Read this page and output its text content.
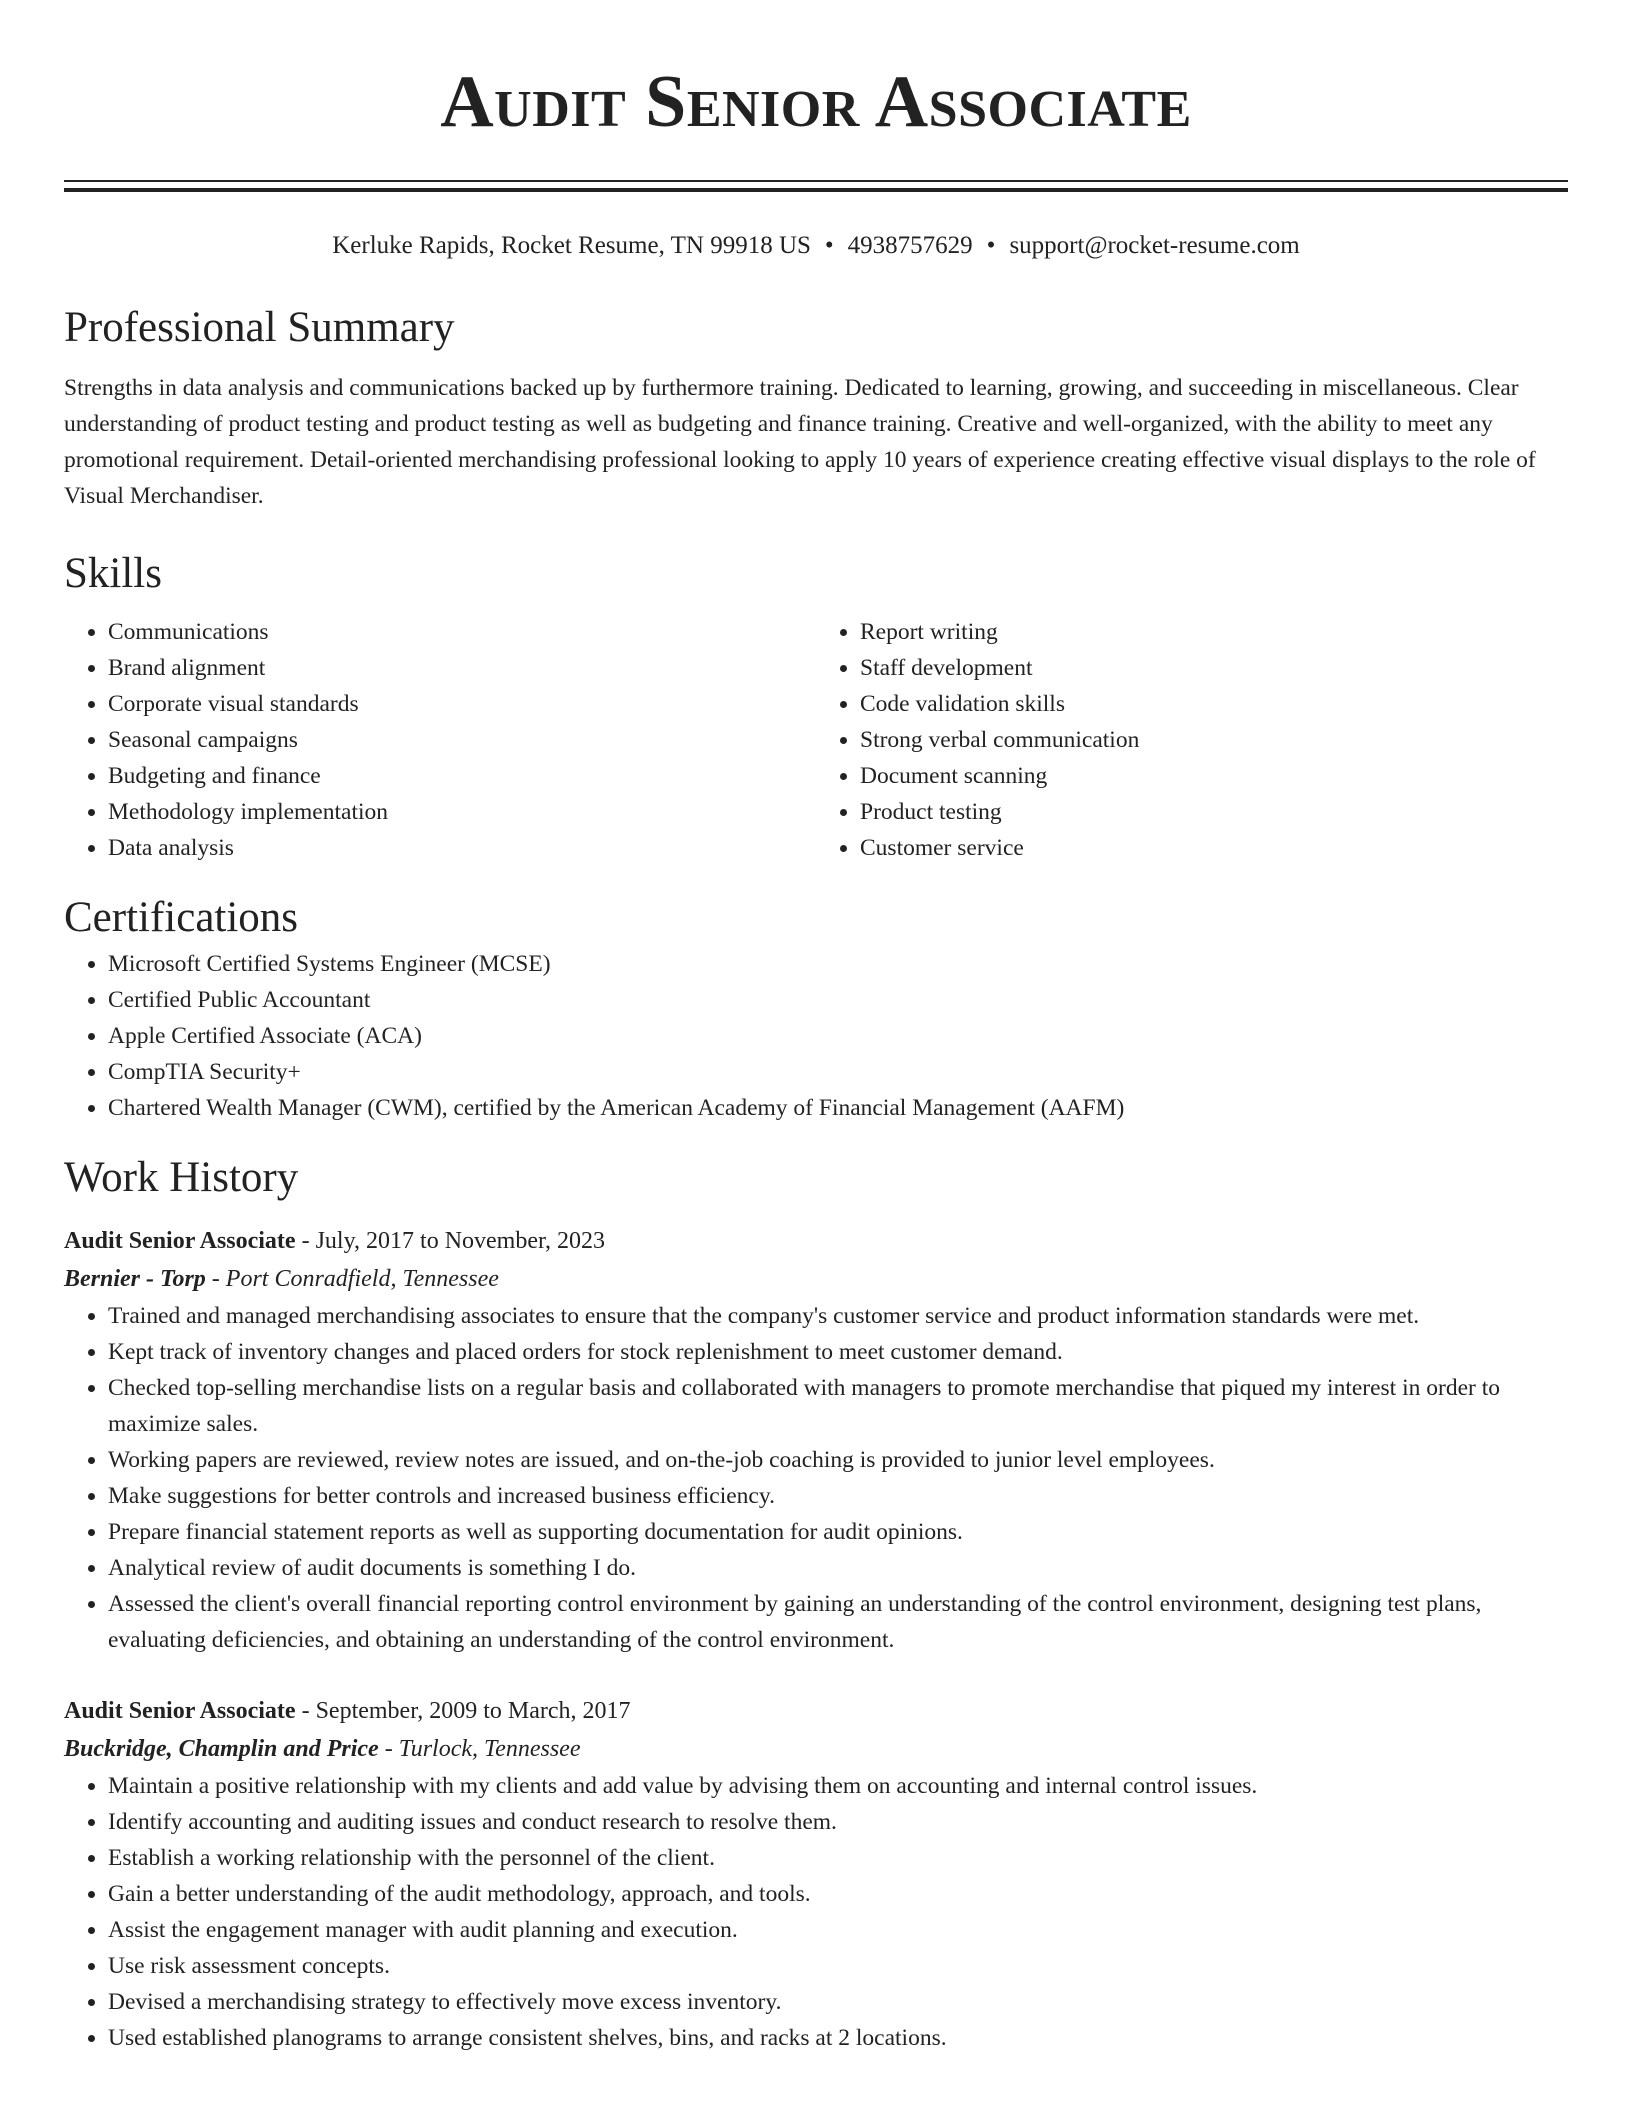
Audit Senior Associate
Kerluke Rapids, Rocket Resume, TN 99918 US • 4938757629 • support@rocket-resume.com
Professional Summary

Strengths in data analysis and communications backed up by furthermore training. Dedicated to learning, growing, and succeeding in miscellaneous. Clear understanding of product testing and product testing as well as budgeting and finance training. Creative and well-organized, with the ability to meet any promotional requirement. Detail-oriented merchandising professional looking to apply 10 years of experience creating effective visual displays to the role of Visual Merchandiser.

Skills
• Communications
• Brand alignment
• Corporate visual standards
• Seasonal campaigns
• Budgeting and finance
• Methodology implementation
• Data analysis
• Report writing
• Staff development
• Code validation skills
• Strong verbal communication
• Document scanning
• Product testing
• Customer service
Certifications
• Microsoft Certified Systems Engineer (MCSE)
• Certified Public Accountant
• Apple Certified Associate (ACA)
• CompTIA Security+
• Chartered Wealth Manager (CWM), certified by the American Academy of Financial Management (AAFM)
Work History
Audit Senior Associate - July, 2017 to November, 2023
Bernier - Torp - Port Conradfield, Tennessee
• Trained and managed merchandising associates to ensure that the company's customer service and product information standards were met.
• Kept track of inventory changes and placed orders for stock replenishment to meet customer demand.
• Checked top-selling merchandise lists on a regular basis and collaborated with managers to promote merchandise that piqued my interest in order to maximize sales.
• Working papers are reviewed, review notes are issued, and on-the-job coaching is provided to junior level employees.
• Make suggestions for better controls and increased business efficiency.
• Prepare financial statement reports as well as supporting documentation for audit opinions.
• Analytical review of audit documents is something I do.
• Assessed the client's overall financial reporting control environment by gaining an understanding of the control environment, designing test plans, evaluating deficiencies, and obtaining an understanding of the control environment.
Audit Senior Associate - September, 2009 to March, 2017
Buckridge, Champlin and Price - Turlock, Tennessee
• Maintain a positive relationship with my clients and add value by advising them on accounting and internal control issues.
• Identify accounting and auditing issues and conduct research to resolve them.
• Establish a working relationship with the personnel of the client.
• Gain a better understanding of the audit methodology, approach, and tools.
• Assist the engagement manager with audit planning and execution.
• Use risk assessment concepts.
• Devised a merchandising strategy to effectively move excess inventory.
• Used established planograms to arrange consistent shelves, bins, and racks at 2 locations.
